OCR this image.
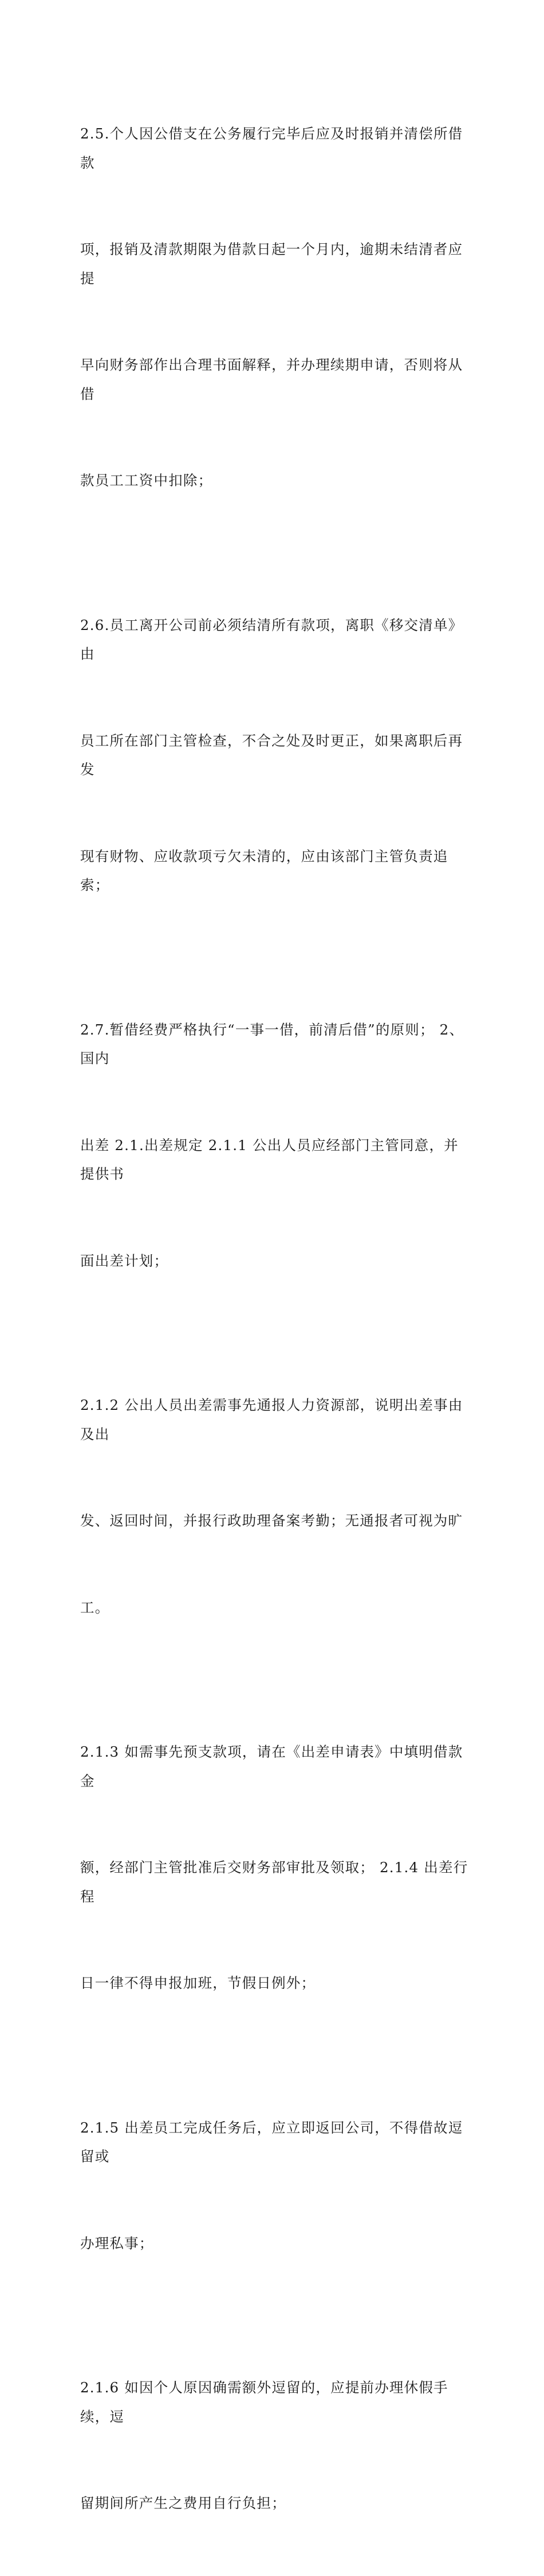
2.5.个人因公借支在公务履行完毕后应及时报销并清偿所借款

项，报销及清款期限为借款日起一个月内，逾期未结清者应提

早向财务部作出合理书面解释，并办理续期申请，否则将从借

款员工工资中扣除；

2.6.员工离开公司前必须结清所有款项，离职《移交清单》由

员工所在部门主管检查，不合之处及时更正，如果离职后再发

现有财物、应收款项亏欠未清的，应由该部门主管负责追索；

2.7.暂借经费严格执行“一事一借，前清后借”的原则； 2、国内

出差 2.1.出差规定 2.1.1 公出人员应经部门主管同意，并提供书

面出差计划；

2.1.2 公出人员出差需事先通报人力资源部，说明出差事由及出

发、返回时间，并报行政助理备案考勤；无通报者可视为旷

工。

2.1.3 如需事先预支款项，请在《出差申请表》中填明借款金

额，经部门主管批准后交财务部审批及领取； 2.1.4 出差行程

日一律不得申报加班，节假日例外；

2.1.5 出差员工完成任务后，应立即返回公司，不得借故逗留或

办理私事；

2.1.6 如因个人原因确需额外逗留的，应提前办理休假手续，逗

留期间所产生之费用自行负担；
